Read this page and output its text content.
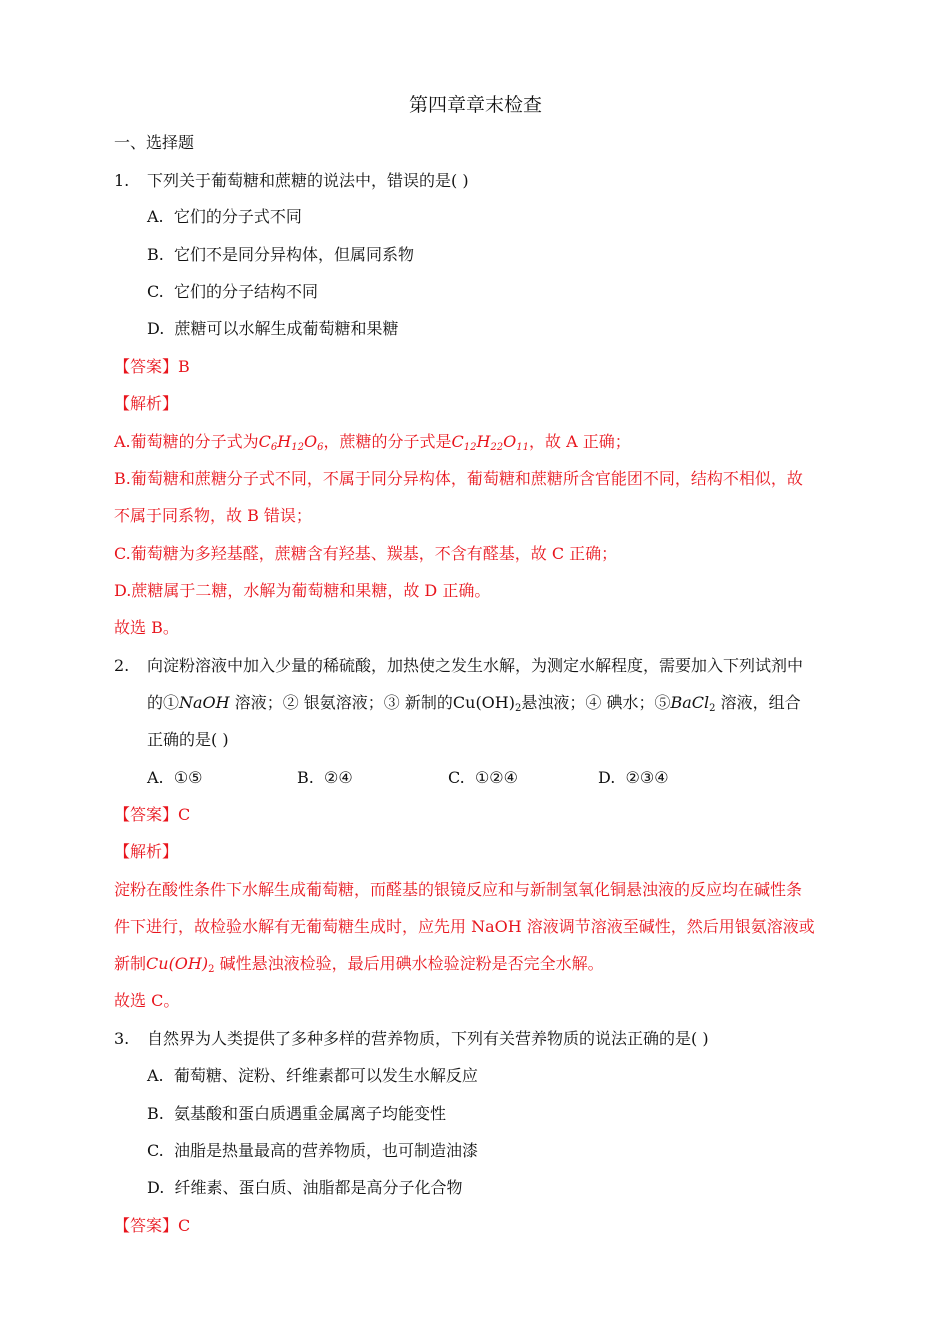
第四章章末检查
一、选择题
1. 下列关于葡萄糖和蔗糖的说法中，错误的是( )
A. 它们的分子式不同
B. 它们不是同分异构体，但属同系物
C. 它们的分子结构不同
D. 蔗糖可以水解生成葡萄糖和果糖
【答案】B
【解析】
A.葡萄糖的分子式为$C_6H_{12}O_6$，蔗糖的分子式是$C_{12}H_{22}O_{11}$，故 A 正确；
B.葡萄糖和蔗糖分子式不同，不属于同分异构体，葡萄糖和蔗糖所含官能团不同，结构不相似，故
不属于同系物，故 B 错误；
C.葡萄糖为多羟基醛，蔗糖含有羟基、羰基，不含有醛基，故 C 正确；
D.蔗糖属于二糖，水解为葡萄糖和果糖，故 D 正确。
故选 B。
2. 向淀粉溶液中加入少量的稀硫酸，加热使之发生水解，为测定水解程度，需要加入下列试剂中
的①NaOH 溶液；② 银氨溶液；③ 新制的$Cu(OH)_2$悬浊液；④ 碘水；⑤BaCl$_2$ 溶液，组合
正确的是( )
A. ①⑤	B. ②④	C. ①②④	D. ②③④
【答案】C
【解析】
淀粉在酸性条件下水解生成葡萄糖，而醛基的银镜反应和与新制氢氧化铜悬浊液的反应均在碱性条
件下进行，故检验水解有无葡萄糖生成时，应先用 NaOH 溶液调节溶液至碱性，然后用银氨溶液或
新制$Cu(OH)_2$ 碱性悬浊液检验，最后用碘水检验淀粉是否完全水解。
故选 C。
3. 自然界为人类提供了多种多样的营养物质，下列有关营养物质的说法正确的是( )
A. 葡萄糖、淀粉、纤维素都可以发生水解反应
B. 氨基酸和蛋白质遇重金属离子均能变性
C. 油脂是热量最高的营养物质，也可制造油漆
D. 纤维素、蛋白质、油脂都是高分子化合物
【答案】C
